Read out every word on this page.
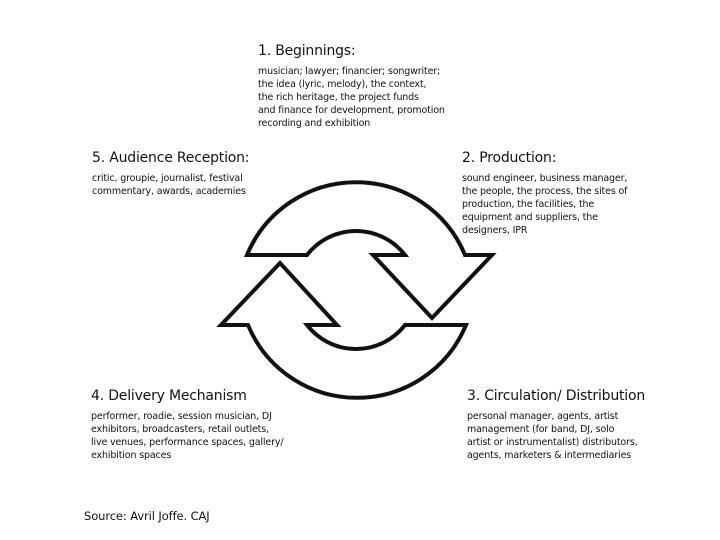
1. Beginnings:
musician; lawyer; financier; songwriter;
the idea (lyric, melody), the context,
the rich heritage, the project funds
and finance for development, promotion
recording and exhibition
2. Production:
sound engineer, business manager,
the people, the process, the sites of
production, the facilities, the
equipment and suppliers, the
designers, IPR
3. Circulation/ Distribution
personal manager, agents, artist
management (for band, DJ, solo
artist or instrumentalist) distributors,
agents, marketers & intermediaries
4. Delivery Mechanism
performer, roadie, session musician, DJ
exhibitors, broadcasters, retail outlets,
live venues, performance spaces, gallery/
exhibition spaces
5. Audience Reception:
critic, groupie, journalist, festival
commentary, awards, academies
Source: Avril Joffe. CAJ
